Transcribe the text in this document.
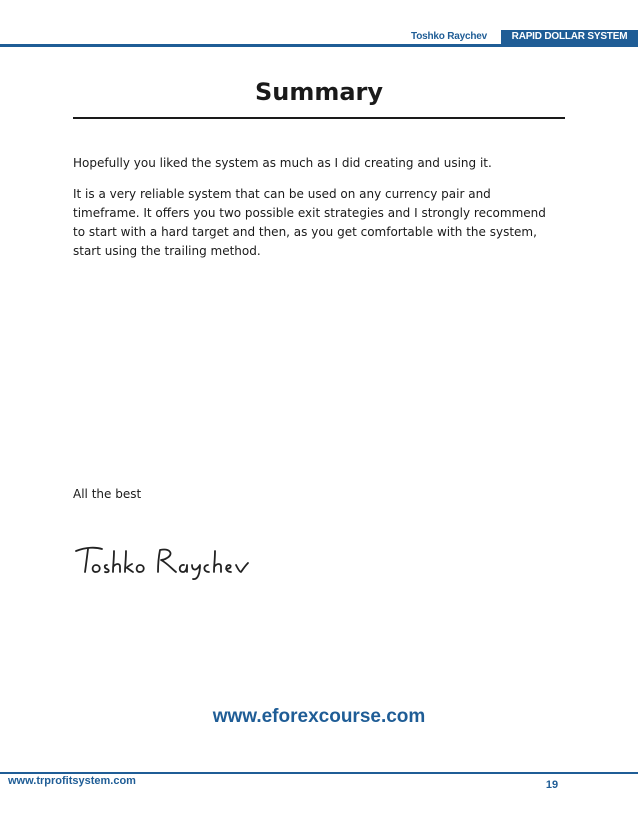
Toshko Raychev	RAPID DOLLAR SYSTEM
Summary

Hopefully you liked the system as much as I did creating and using it.

It is a very reliable system that can be used on any currency pair and timeframe. It offers you two possible exit strategies and I strongly recommend to start with a hard target and then, as you get comfortable with the system, start using the trailing method.

All the best

www.eforexcourse.com
www.trprofitsystem.com	19
